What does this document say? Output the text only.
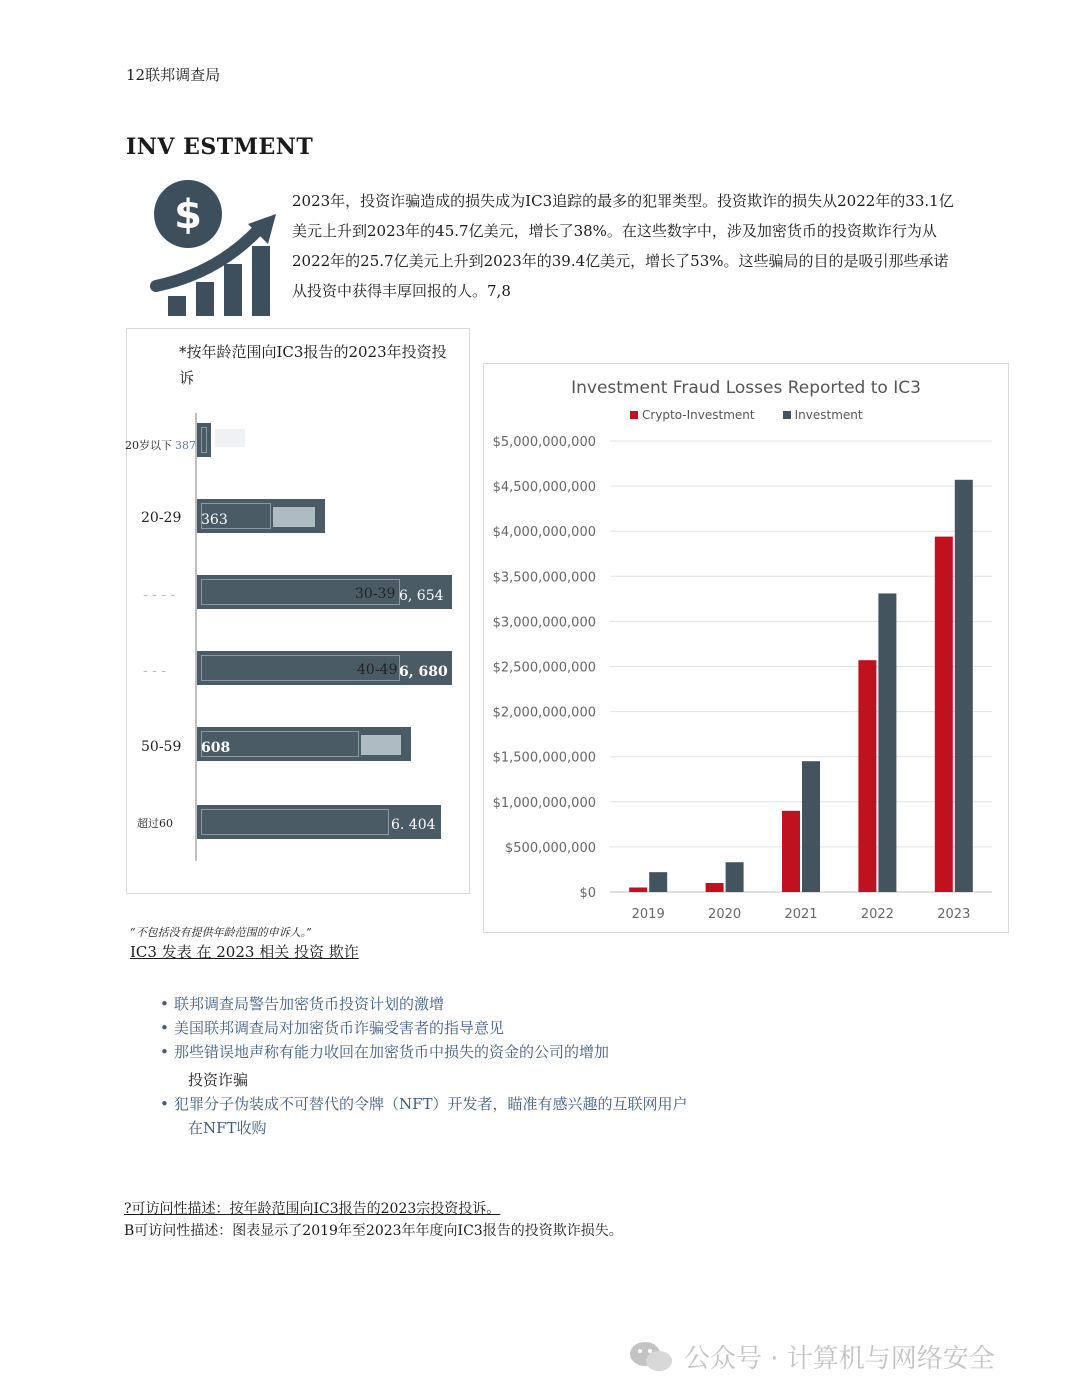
12联邦调查局
INV ESTMENT
$	2023年，投资诈骗造成的损失成为IC3追踪的最多的犯罪类型。投资欺诈的损失从2022年的33.1亿美元上升到2023年的45.7亿美元，增长了38%。在这些数字中，涉及加密货币的投资欺诈行为从2022年的25.7亿美元上升到2023年的39.4亿美元，增长了53%。这些骗局的目的是吸引那些承诺从投资中获得丰厚回报的人。7,8
*按年龄范围向IC3报告的2023年投资投诉
20岁以下 387
20-29 363
- - - -	30-39 6, 654
- - -	40-49 6, 680
50-59 608
超过60	6. 404
Investment Fraud Losses Reported to IC3
Crypto-Investment	Investment
$0
$500,000,000
$1,000,000,000
$1,500,000,000
$2,000,000,000
$2,500,000,000
$3,000,000,000
$3,500,000,000
$4,000,000,000
$4,500,000,000
$5,000,000,000
2019	2020	2021	2022	2023
“不包括没有提供年龄范围的申诉人。”
IC3 发表 在 2023 相关 投资 欺诈
• 联邦调查局警告加密货币投资计划的激增
• 美国联邦调查局对加密货币诈骗受害者的指导意见
• 那些错误地声称有能力收回在加密货币中损失的资金的公司的增加
投资诈骗
• 犯罪分子伪装成不可替代的令牌（NFT）开发者，瞄准有感兴趣的互联网用户
在NFT收购
?可访问性描述：按年龄范围向IC3报告的2023宗投资投诉。
B可访问性描述：图表显示了2019年至2023年年度向IC3报告的投资欺诈损失。
公众号 · 计算机与网络安全
